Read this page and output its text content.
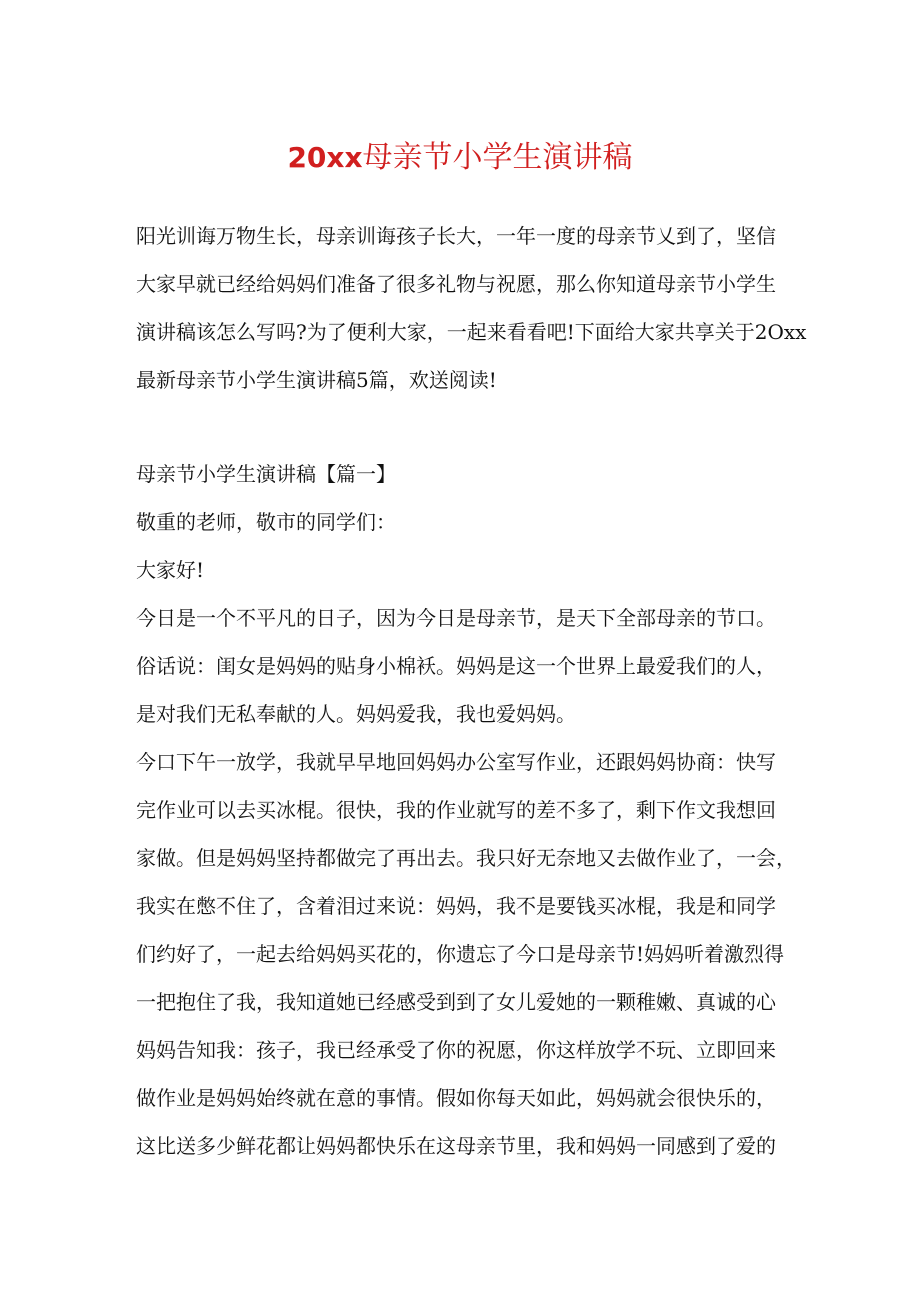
20xx母亲节小学生演讲稿
阳光训诲万物生长，母亲训诲孩子长大，一年一度的母亲节乂到了，坚信
大家早就已经给妈妈们准备了很多礼物与祝愿，那么你知道母亲节小学生
演讲稿该怎么写吗?为了便利大家，一起来看看吧!下面给大家共享关于2Oxx
最新母亲节小学生演讲稿5篇，欢送阅读!
母亲节小学生演讲稿【篇一】
敬重的老师，敬市的同学们：
大家好!
今日是一个不平凡的日子，因为今日是母亲节，是天下全部母亲的节口。
俗话说：闺女是妈妈的贴身小棉袄。妈妈是这一个世界上最爱我们的人，
是对我们无私奉献的人。妈妈爱我，我也爱妈妈。
今口下午一放学，我就早早地回妈妈办公室写作业，还跟妈妈协商：快写
完作业可以去买冰棍。很快，我的作业就写的差不多了，剩下作文我想回
家做。但是妈妈坚持都做完了再出去。我只好无奈地又去做作业了，一会，
我实在憋不住了，含着泪过来说：妈妈，我不是要钱买冰棍，我是和同学
们约好了，一起去给妈妈买花的，你遗忘了今口是母亲节!妈妈听着激烈得
一把抱住了我，我知道她已经感受到到了女儿爱她的一颗稚嫩、真诚的心
妈妈告知我：孩子，我已经承受了你的祝愿，你这样放学不玩、立即回来
做作业是妈妈始终就在意的事情。假如你每天如此，妈妈就会很快乐的，
这比送多少鲜花都让妈妈都快乐在这母亲节里，我和妈妈一同感到了爱的
